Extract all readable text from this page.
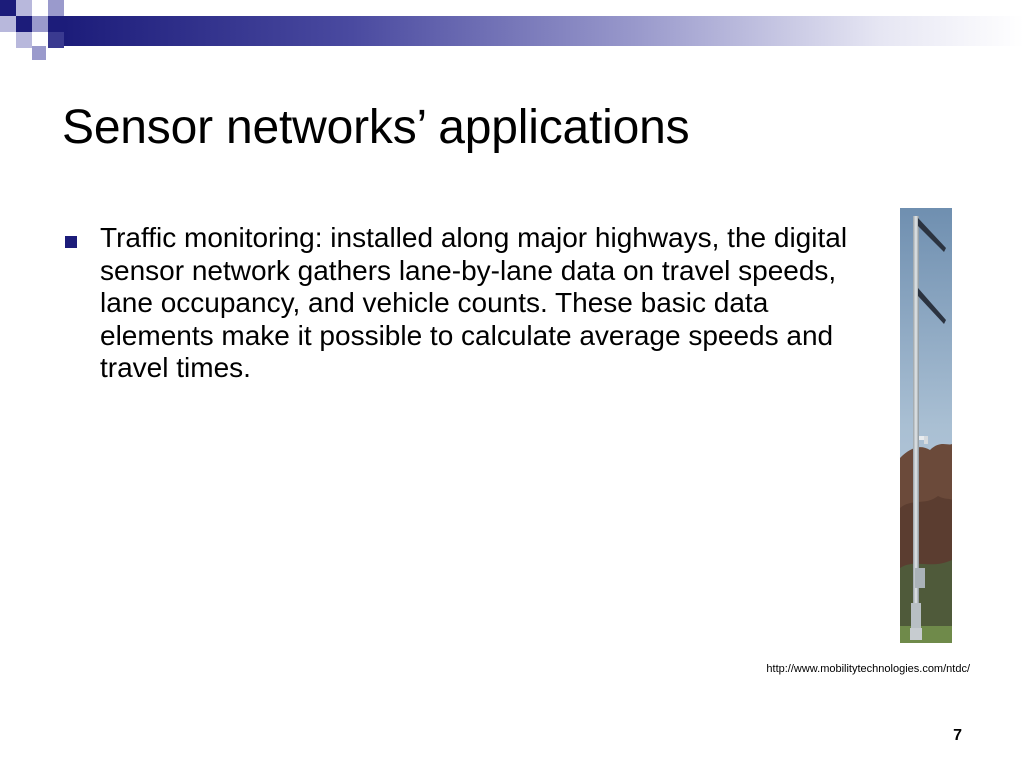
Sensor networks’ applications
Traffic monitoring: installed along major highways, the digital sensor network gathers lane-by-lane data on travel speeds, lane occupancy, and vehicle counts. These basic data elements make it possible to calculate average speeds and travel times.
http://www.mobilitytechnologies.com/ntdc/
7
